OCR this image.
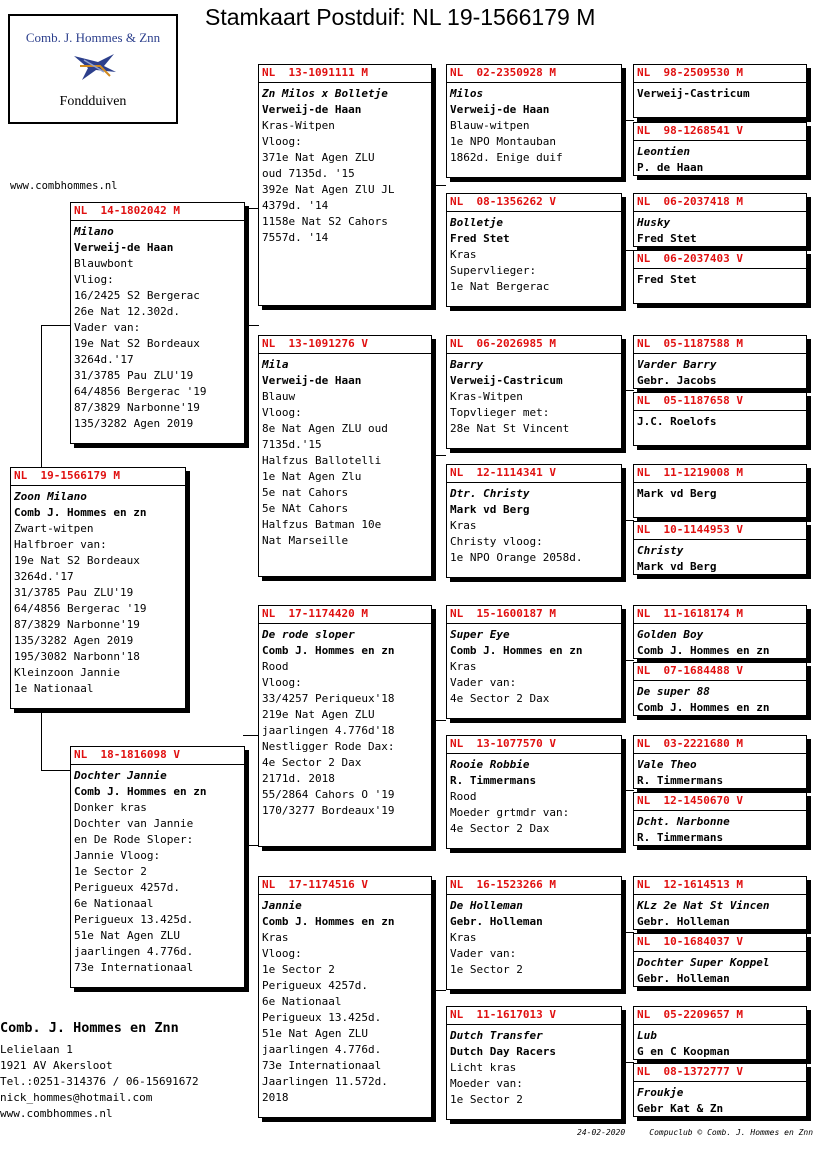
Stamkaart Postduif: NL 19-1566179 M
Comb. J. Hommes & Znn
Fondduiven
www.combhommes.nl
NL  19-1566179 M
Zoon Milano
Comb J. Hommes en zn
Zwart-witpen
Halfbroer van:
19e Nat S2 Bordeaux
3264d.'17
31/3785 Pau ZLU'19
64/4856 Bergerac '19
87/3829 Narbonne'19
135/3282 Agen 2019
195/3082 Narbonn'18
Kleinzoon Jannie
1e Nationaal
NL  14-1802042 M
Milano
Verweij-de Haan
Blauwbont
Vliog:
16/2425 S2 Bergerac
26e Nat 12.302d.
Vader van:
19e Nat S2 Bordeaux
3264d.'17
31/3785 Pau ZLU'19
64/4856 Bergerac '19
87/3829 Narbonne'19
135/3282 Agen 2019
NL  18-1816098 V
Dochter Jannie
Comb J. Hommes en zn
Donker kras
Dochter van Jannie
en De Rode Sloper:
Jannie Vloog:
1e Sector 2
Perigueux 4257d.
6e Nationaal
Perigueux 13.425d.
51e Nat Agen ZLU
jaarlingen 4.776d.
73e Internationaal
NL  13-1091111 M
Zn Milos x Bolletje
Verweij-de Haan
Kras-Witpen
Vloog:
371e Nat Agen ZLU
oud 7135d. '15
392e Nat Agen ZlU JL
4379d. '14
1158e Nat S2 Cahors
7557d. '14
NL  13-1091276 V
Mila
Verweij-de Haan
Blauw
Vloog:
8e Nat Agen ZLU oud
7135d.'15
Halfzus Ballotelli
1e Nat Agen Zlu
5e nat Cahors
5e NAt Cahors
Halfzus Batman 10e
Nat Marseille
NL  17-1174420 M
De rode sloper
Comb J. Hommes en zn
Rood
Vloog:
33/4257 Periqueux'18
219e Nat Agen ZLU
jaarlingen 4.776d'18
Nestligger Rode Dax:
4e Sector 2 Dax
2171d. 2018
55/2864 Cahors O '19
170/3277 Bordeaux'19
NL  17-1174516 V
Jannie
Comb J. Hommes en zn
Kras
Vloog:
1e Sector 2
Perigueux 4257d.
6e Nationaal
Perigueux 13.425d.
51e Nat Agen ZLU
jaarlingen 4.776d.
73e Internationaal
Jaarlingen 11.572d.
2018
NL  02-2350928 M
Milos
Verweij-de Haan
Blauw-witpen
1e NPO Montauban
1862d. Enige duif
NL  08-1356262 V
Bolletje
Fred Stet
Kras
Supervlieger:
1e Nat Bergerac
NL  06-2026985 M
Barry
Verweij-Castricum
Kras-Witpen
Topvlieger met:
28e Nat St Vincent
NL  12-1114341 V
Dtr. Christy
Mark vd Berg
Kras
Christy vloog:
1e NPO Orange 2058d.
NL  15-1600187 M
Super Eye
Comb J. Hommes en zn
Kras
Vader van:
4e Sector 2 Dax
NL  13-1077570 V
Rooie Robbie
R. Timmermans
Rood
Moeder grtmdr van:
4e Sector 2 Dax
NL  16-1523266 M
De Holleman
Gebr. Holleman
Kras
Vader van:
1e Sector 2
NL  11-1617013 V
Dutch Transfer
Dutch Day Racers
Licht kras
Moeder van:
1e Sector 2
NL  98-2509530 M
Verweij-Castricum
NL  98-1268541 V
Leontien
P. de Haan
NL  06-2037418 M
Husky
Fred Stet
NL  06-2037403 V
Fred Stet
NL  05-1187588 M
Varder Barry
Gebr. Jacobs
NL  05-1187658 V
J.C. Roelofs
NL  11-1219008 M
Mark vd Berg
NL  10-1144953 V
Christy
Mark vd Berg
NL  11-1618174 M
Golden Boy
Comb J. Hommes en zn
NL  07-1684488 V
De super 88
Comb J. Hommes en zn
NL  03-2221680 M
Vale Theo
R. Timmermans
NL  12-1450670 V
Dcht. Narbonne
R. Timmermans
NL  12-1614513 M
KLz 2e Nat St Vincen
Gebr. Holleman
NL  10-1684037 V
Dochter Super Koppel
Gebr. Holleman
NL  05-2209657 M
Lub
G en C Koopman
NL  08-1372777 V
Froukje
Gebr Kat & Zn
Comb. J. Hommes en Znn
Lelielaan 1
1921 AV Akersloot
Tel.:0251-314376 / 06-15691672
nick_hommes@hotmail.com
www.combhommes.nl
24-02-2020	Compuclub © Comb. J. Hommes en Znn
